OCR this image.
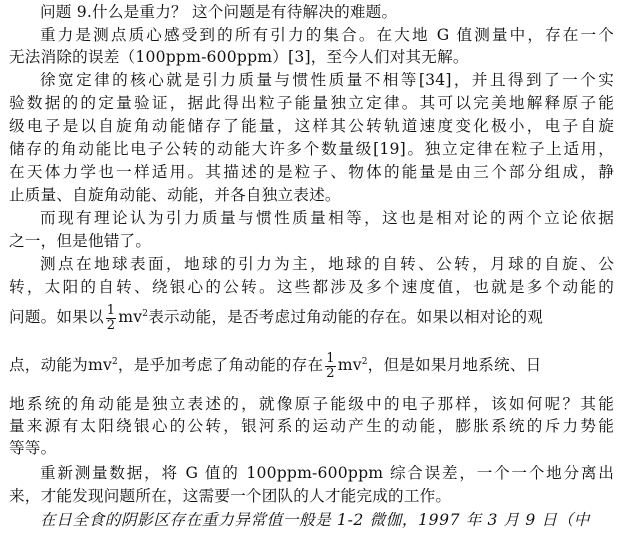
问题 9.什么是重力？ 这个问题是有待解决的难题。
重力是测点质心感受到的所有引力的集合。在大地 G 值测量中，存在一个
无法消除的误差（100ppm-600ppm）[3]，至今人们对其无解。
徐宽定律的核心就是引力质量与惯性质量不相等[34]，并且得到了一个实
验数据的的定量验证，据此得出粒子能量独立定律。其可以完美地解释原子能
级电子是以自旋角动能储存了能量，这样其公转轨道速度变化极小，电子自旋
储存的角动能比电子公转的动能大许多个数量级[19]。独立定律在粒子上适用，
在天体力学也一样适用。其描述的是粒子、物体的能量是由三个部分组成，静
止质量、自旋角动能、动能，并各自独立表述。
而现有理论认为引力质量与惯性质量相等，这也是相对论的两个立论依据
之一，但是他错了。
测点在地球表面，地球的引力为主，地球的自转、公转，月球的自旋、公
转，太阳的自转、绕银心的公转。这些都涉及多个速度值，也就是多个动能的
问题。如果以 $\frac{1}{2} mv^2$表示动能，是否考虑过角动能的存在。如果以相对论的观
点，动能为$mv^2$，是乎加考虑了角动能的存在 $\frac{1}{2} mv^2$，但是如果月地系统、日
地系统的角动能是独立表述的，就像原子能级中的电子那样，该如何呢？其能
量来源有太阳绕银心的公转，银河系的运动产生的动能，膨胀系统的斥力势能
等等。
重新测量数据，将 G 值的 100ppm-600ppm 综合误差，一个一个地分离出
来，才能发现问题所在，这需要一个团队的人才能完成的工作。
在日全食的阴影区存在重力异常值一般是 1-2 微伽，1997 年 3 月 9 日（中
